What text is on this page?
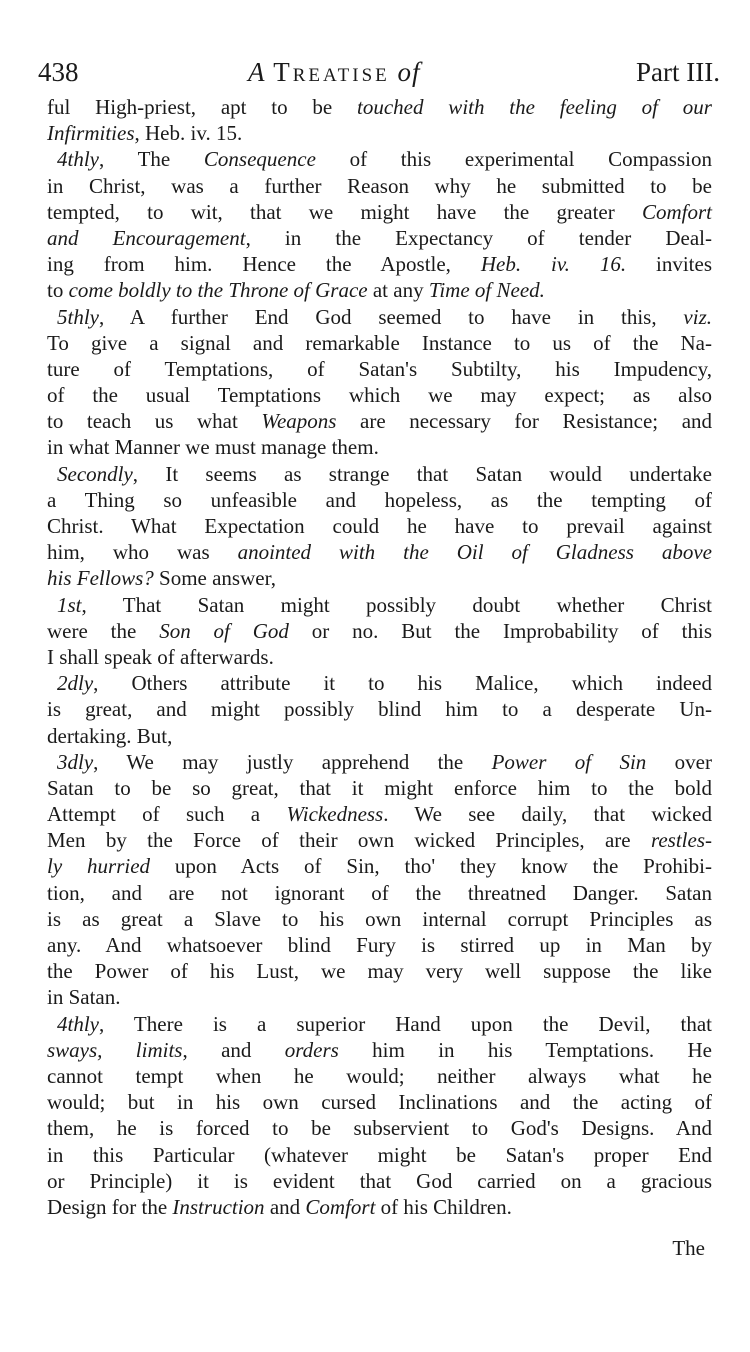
438	A Treatise of	Part III.
ful High-priest, apt to be touched with the feeling of our
Infirmities, Heb. iv. 15.
4thly, The Consequence of this experimental Compassion
in Christ, was a further Reason why he submitted to be
tempted, to wit, that we might have the greater Comfort
and Encouragement, in the Expectancy of tender Deal-
ing from him. Hence the Apostle, Heb. iv. 16. invites
to come boldly to the Throne of Grace at any Time of Need.
5thly, A further End God seemed to have in this, viz.
To give a signal and remarkable Instance to us of the Na-
ture of Temptations, of Satan's Subtilty, his Impudency,
of the usual Temptations which we may expect; as also
to teach us what Weapons are necessary for Resistance; and
in what Manner we must manage them.
Secondly, It seems as strange that Satan would undertake
a Thing so unfeasible and hopeless, as the tempting of
Christ. What Expectation could he have to prevail against
him, who was anointed with the Oil of Gladness above
his Fellows? Some answer,
1st, That Satan might possibly doubt whether Christ
were the Son of God or no. But the Improbability of this
I shall speak of afterwards.
2dly, Others attribute it to his Malice, which indeed
is great, and might possibly blind him to a desperate Un-
dertaking. But,
3dly, We may justly apprehend the Power of Sin over
Satan to be so great, that it might enforce him to the bold
Attempt of such a Wickedness. We see daily, that wicked
Men by the Force of their own wicked Principles, are restles-
ly hurried upon Acts of Sin, tho' they know the Prohibi-
tion, and are not ignorant of the threatned Danger. Satan
is as great a Slave to his own internal corrupt Principles as
any. And whatsoever blind Fury is stirred up in Man by
the Power of his Lust, we may very well suppose the like
in Satan.
4thly, There is a superior Hand upon the Devil, that
sways, limits, and orders him in his Temptations. He
cannot tempt when he would; neither always what he
would; but in his own cursed Inclinations and the acting of
them, he is forced to be subservient to God's Designs. And
in this Particular (whatever might be Satan's proper End
or Principle) it is evident that God carried on a gracious
Design for the Instruction and Comfort of his Children.
The
